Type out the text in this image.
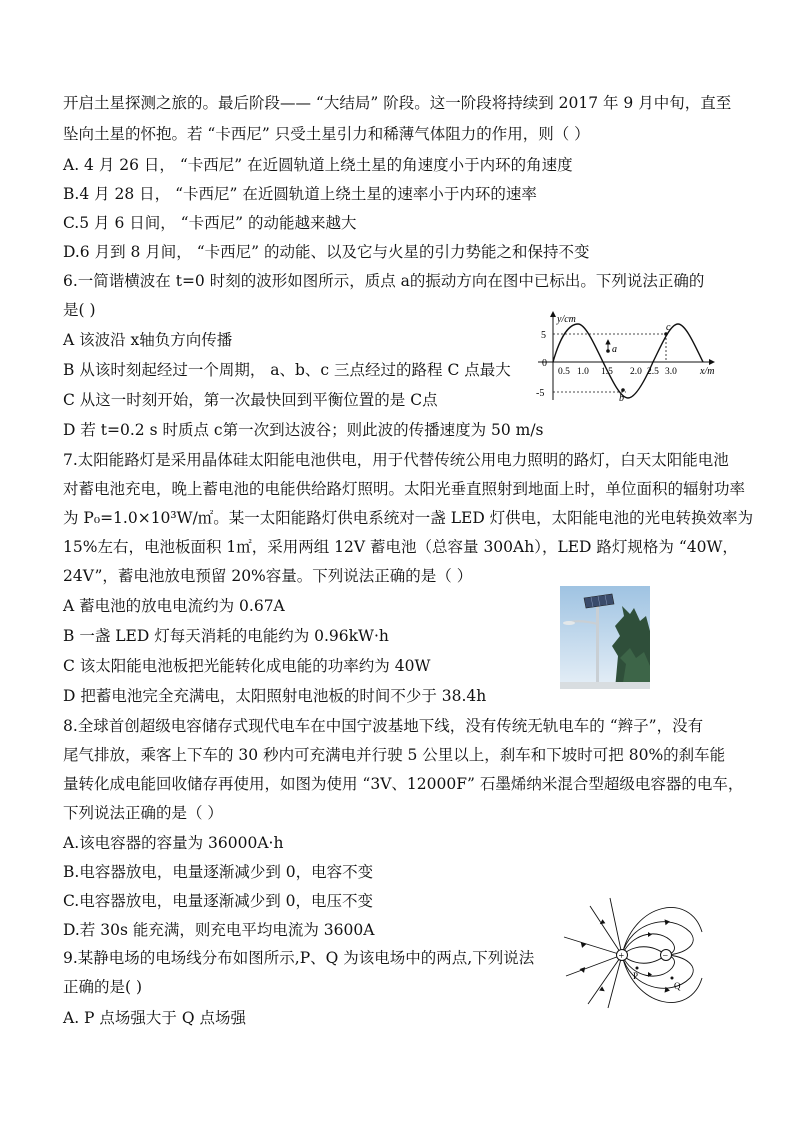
开启土星探测之旅的。最后阶段—— “大结局” 阶段。这一阶段将持续到 2017 年 9 月中旬，直至
坠向土星的怀抱。若 “卡西尼” 只受土星引力和稀薄气体阻力的作用，则（ ）
A. 4 月 26 日， “卡西尼” 在近圆轨道上绕土星的角速度小于内环的角速度
B.4 月 28 日， “卡西尼” 在近圆轨道上绕土星的速率小于内环的速率
C.5 月 6 日间， “卡西尼” 的动能越来越大
D.6 月到 8 月间， “卡西尼” 的动能、以及它与火星的引力势能之和保持不变
6.一简谐横波在 t=0 时刻的波形如图所示，质点 a的振动方向在图中已标出。下列说法正确的
是( )
A 该波沿 x轴负方向传播
B 从该时刻起经过一个周期， a、b、c 三点经过的路程 C 点最大
C 从这一时刻开始，第一次最快回到平衡位置的是 C点
D 若 t=0.2 s 时质点 c第一次到达波谷；则此波的传播速度为 50 m/s
y/cm
x/m
0
5
-5
a
b
c
0.5 1.0 1.5 2.0 2.5 3.0
7.太阳能路灯是采用晶体硅太阳能电池供电，用于代替传统公用电力照明的路灯，白天太阳能电池
对蓄电池充电，晚上蓄电池的电能供给路灯照明。太阳光垂直照射到地面上时，单位面积的辐射功率
为 P₀=1.0×10³W/㎡。某一太阳能路灯供电系统对一盏 LED 灯供电，太阳能电池的光电转换效率为
15%左右，电池板面积 1㎡，采用两组 12V 蓄电池（总容量 300Ah），LED 路灯规格为 “40W，
24V”，蓄电池放电预留 20%容量。下列说法正确的是（ ）
A 蓄电池的放电电流约为 0.67A
B 一盏 LED 灯每天消耗的电能约为 0.96kW·h
C 该太阳能电池板把光能转化成电能的功率约为 40W
D 把蓄电池完全充满电，太阳照射电池板的时间不少于 38.4h
8.全球首创超级电容储存式现代电车在中国宁波基地下线，没有传统无轨电车的 “辫子”，没有
尾气排放，乘客上下车的 30 秒内可充满电并行驶 5 公里以上，刹车和下坡时可把 80%的刹车能
量转化成电能回收储存再使用，如图为使用 “3V、12000F” 石墨烯纳米混合型超级电容器的电车，
下列说法正确的是（ ）
A.该电容器的容量为 36000A·h
B.电容器放电，电量逐渐减少到 0，电容不变
C.电容器放电，电量逐渐减少到 0，电压不变
D.若 30s 能充满，则充电平均电流为 3600A
9.某静电场的电场线分布如图所示,P、Q 为该电场中的两点,下列说法
正确的是( )
A. P 点场强大于 Q 点场强
+	−
P
Q
